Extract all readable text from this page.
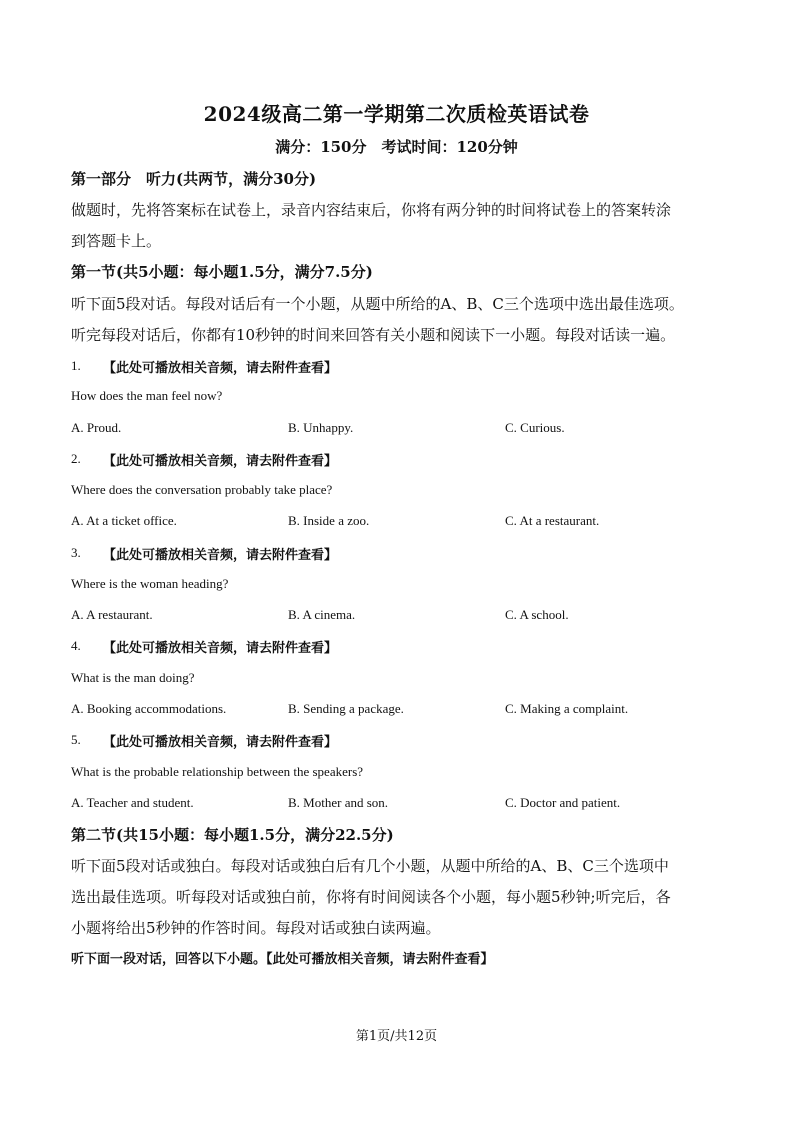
2024级高二第一学期第二次质检英语试卷
满分：150分　考试时间：120分钟
第一部分　听力(共两节，满分30分)
做题时，先将答案标在试卷上，录音内容结束后，你将有两分钟的时间将试卷上的答案转涂
到答题卡上。
第一节(共5小题：每小题1.5分，满分7.5分)
听下面5段对话。每段对话后有一个小题，从题中所给的A、B、C三个选项中选出最佳选项。
听完每段对话后，你都有10秒钟的时间来回答有关小题和阅读下一小题。每段对话读一遍。
1. 【此处可播放相关音频，请去附件查看】
How does the man feel now?
A. Proud.	B. Unhappy.	C. Curious.
2. 【此处可播放相关音频，请去附件查看】
Where does the conversation probably take place?
A. At a ticket office.	B. Inside a zoo.	C. At a restaurant.
3. 【此处可播放相关音频，请去附件查看】
Where is the woman heading?
A. A restaurant.	B. A cinema.	C. A school.
4. 【此处可播放相关音频，请去附件查看】
What is the man doing?
A. Booking accommodations.	B. Sending a package.	C. Making a complaint.
5. 【此处可播放相关音频，请去附件查看】
What is the probable relationship between the speakers?
A. Teacher and student.	B. Mother and son.	C. Doctor and patient.
第二节(共15小题：每小题1.5分，满分22.5分)
听下面5段对话或独白。每段对话或独白后有几个小题，从题中所给的A、B、C三个选项中
选出最佳选项。听每段对话或独白前，你将有时间阅读各个小题，每小题5秒钟;听完后，各
小题将给出5秒钟的作答时间。每段对话或独白读两遍。
听下面一段对话，回答以下小题。【此处可播放相关音频，请去附件查看】
第1页/共12页
